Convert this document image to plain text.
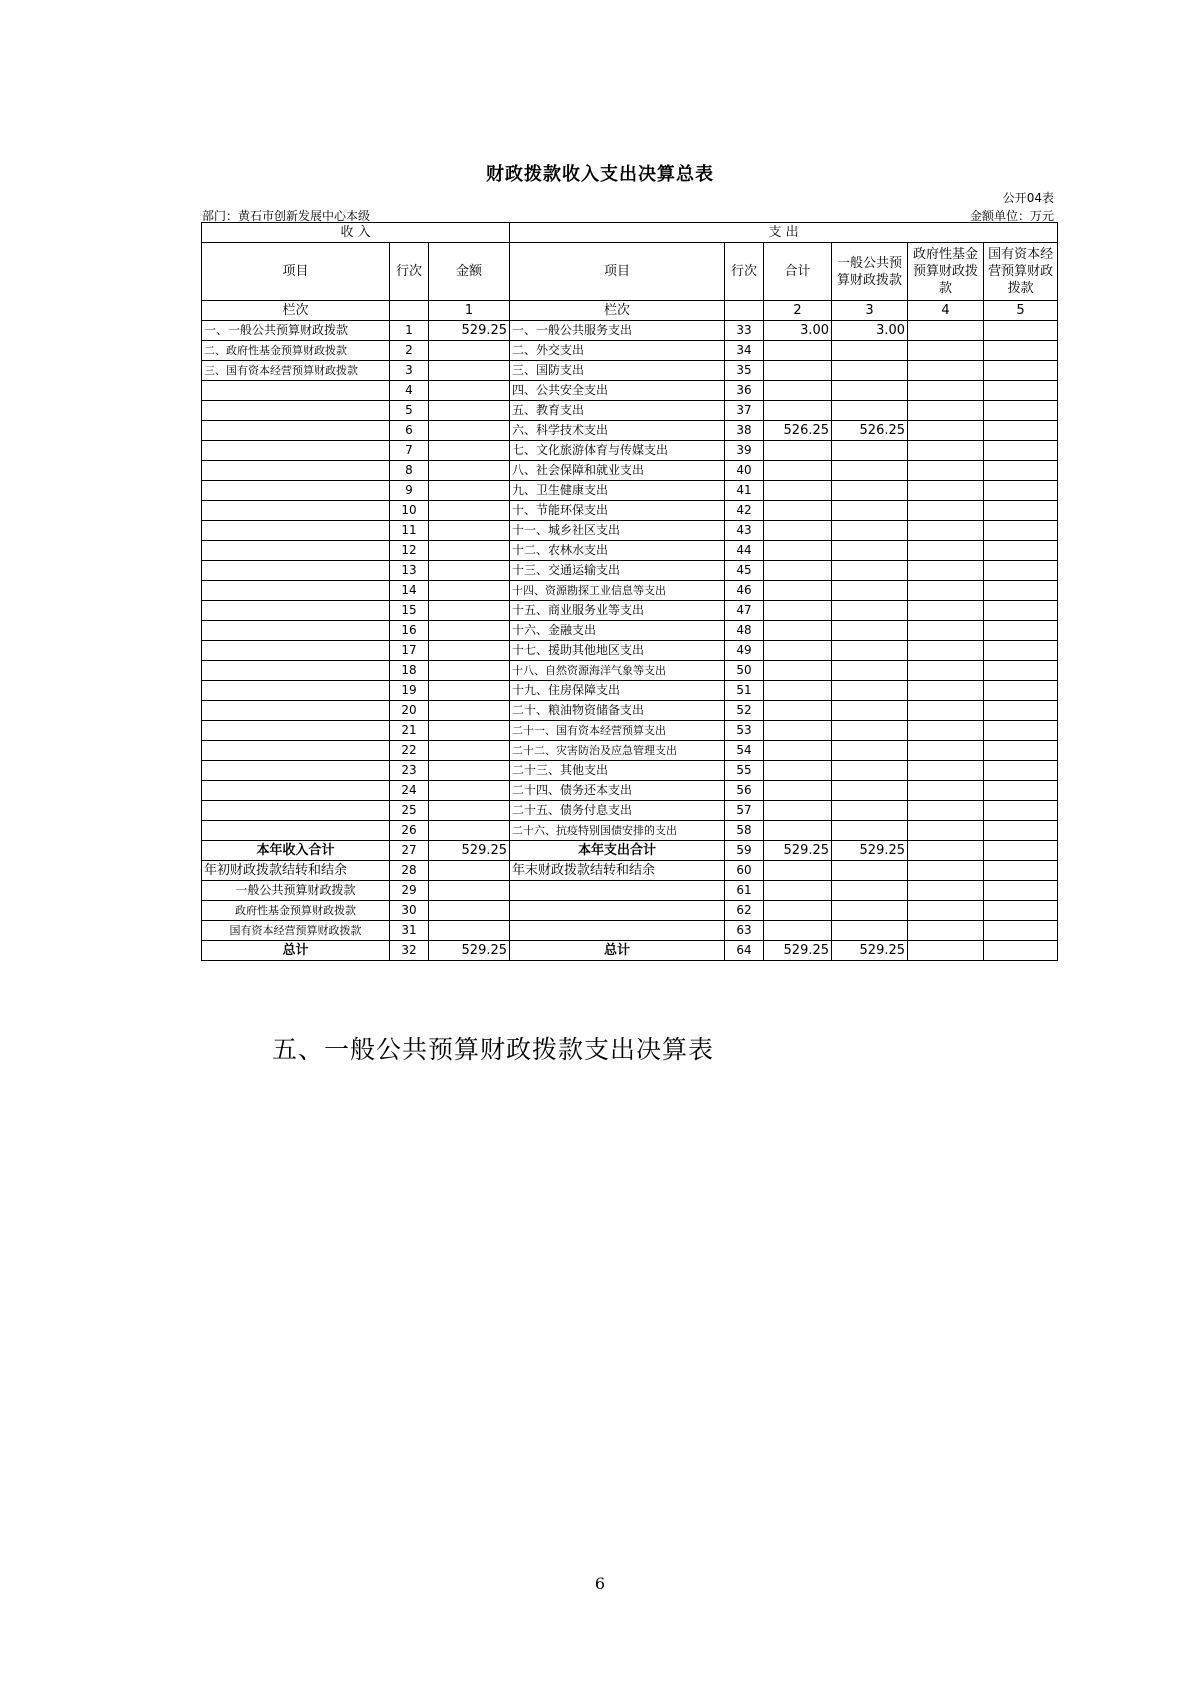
财政拨款收入支出决算总表
公开04表
部门：黄石市创新发展中心本级	金额单位：万元
收 入			支 出					
项目	行次	金额	项目	行次	合计	一般公共预算财政拨款	政府性基金预算财政拨款	国有资本经营预算财政拨款
栏次		1	栏次		2	3	4	5
一、一般公共预算财政拨款	1	529.25	一、一般公共服务支出	33	3.00	3.00		
二、政府性基金预算财政拨款	2		二、外交支出	34				
三、国有资本经营预算财政拨款	3		三、国防支出	35				
	4		四、公共安全支出	36				
	5		五、教育支出	37				
	6		六、科学技术支出	38	526.25	526.25		
	7		七、文化旅游体育与传媒支出	39				
	8		八、社会保障和就业支出	40				
	9		九、卫生健康支出	41				
	10		十、节能环保支出	42				
	11		十一、城乡社区支出	43				
	12		十二、农林水支出	44				
	13		十三、交通运输支出	45				
	14		十四、资源勘探工业信息等支出	46				
	15		十五、商业服务业等支出	47				
	16		十六、金融支出	48				
	17		十七、援助其他地区支出	49				
	18		十八、自然资源海洋气象等支出	50				
	19		十九、住房保障支出	51				
	20		二十、粮油物资储备支出	52				
	21		二十一、国有资本经营预算支出	53				
	22		二十二、灾害防治及应急管理支出	54				
	23		二十三、其他支出	55				
	24		二十四、债务还本支出	56				
	25		二十五、债务付息支出	57				
	26		二十六、抗疫特别国债安排的支出	58				
本年收入合计	27	529.25	本年支出合计	59	529.25	529.25		
年初财政拨款结转和结余	28		年末财政拨款结转和结余	60				
一般公共预算财政拨款	29			61				
政府性基金预算财政拨款	30			62				
国有资本经营预算财政拨款	31			63				
总计	32	529.25	总计	64	529.25	529.25		
五、一般公共预算财政拨款支出决算表
6
